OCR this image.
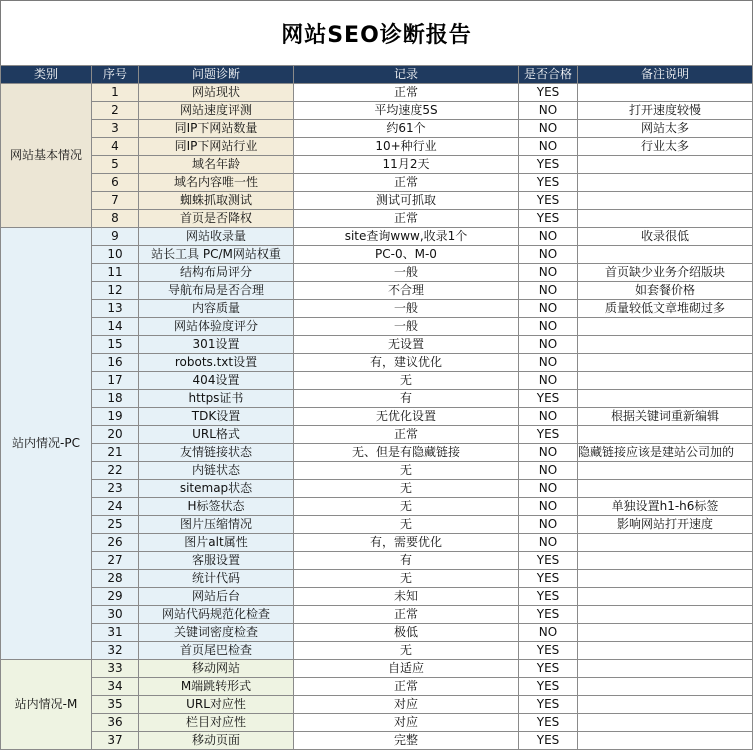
网站SEO诊断报告
类别	序号	问题诊断	记录	是否合格	备注说明
网站基本情况	1	网站现状	正常	YES	
	2	网站速度评测	平均速度5S	NO	打开速度较慢
	3	同IP下网站数量	约61个	NO	网站太多
	4	同IP下网站行业	10+种行业	NO	行业太多
	5	域名年龄	11月2天	YES	
	6	域名内容唯一性	正常	YES	
	7	蜘蛛抓取测试	测试可抓取	YES	
	8	首页是否降权	正常	YES	
站内情况-PC	9	网站收录量	site查询www,收录1个	NO	收录很低
	10	站长工具 PC/M网站权重	PC-0、M-0	NO	
	11	结构布局评分	一般	NO	首页缺少业务介绍版块
	12	导航布局是否合理	不合理	NO	如套餐价格
	13	内容质量	一般	NO	质量较低文章堆砌过多
	14	网站体验度评分	一般	NO	
	15	301设置	无设置	NO	
	16	robots.txt设置	有，建议优化	NO	
	17	404设置	无	NO	
	18	https证书	有	YES	
	19	TDK设置	无优化设置	NO	根据关键词重新编辑
	20	URL格式	正常	YES	
	21	友情链接状态	无、但是有隐藏链接	NO	隐藏链接应该是建站公司加的
	22	内链状态	无	NO	
	23	sitemap状态	无	NO	
	24	H标签状态	无	NO	单独设置h1-h6标签
	25	图片压缩情况	无	NO	影响网站打开速度
	26	图片alt属性	有，需要优化	NO	
	27	客服设置	有	YES	
	28	统计代码	无	YES	
	29	网站后台	未知	YES	
	30	网站代码规范化检查	正常	YES	
	31	关键词密度检查	极低	NO	
	32	首页尾巴检查	无	YES	
站内情况-M	33	移动网站	自适应	YES	
	34	M端跳转形式	正常	YES	
	35	URL对应性	对应	YES	
	36	栏目对应性	对应	YES	
	37	移动页面	完整	YES	
